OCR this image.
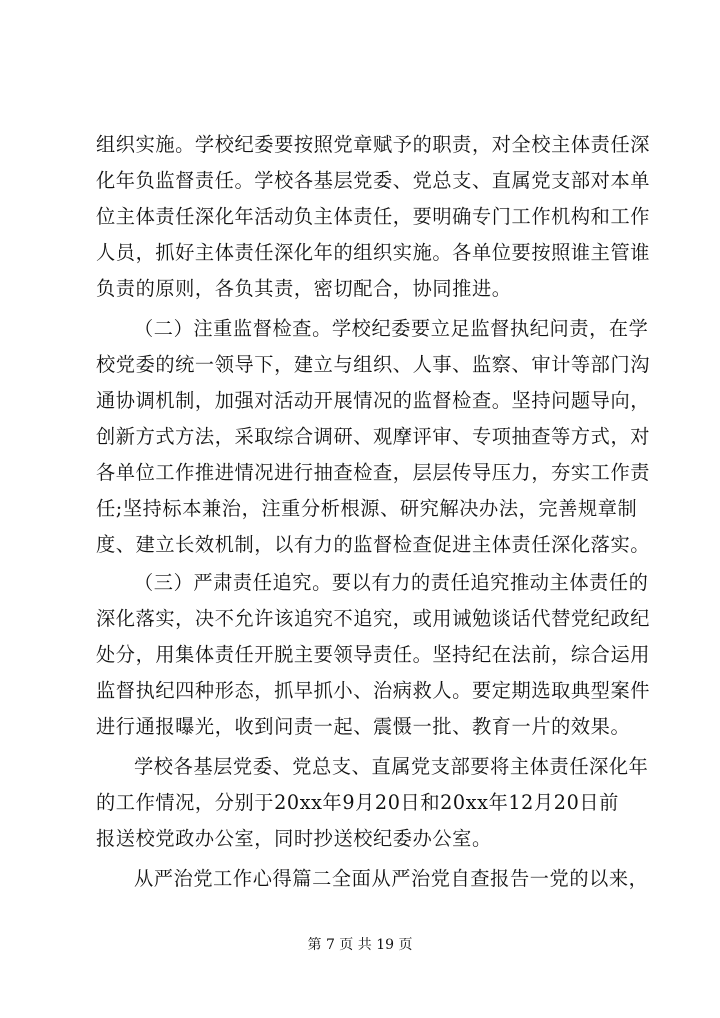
组织实施。学校纪委要按照党章赋予的职责，对全校主体责任深
化年负监督责任。学校各基层党委、党总支、直属党支部对本单
位主体责任深化年活动负主体责任，要明确专门工作机构和工作
人员，抓好主体责任深化年的组织实施。各单位要按照谁主管谁
负责的原则，各负其责，密切配合，协同推进。
（二）注重监督检查。学校纪委要立足监督执纪问责，在学
校党委的统一领导下，建立与组织、人事、监察、审计等部门沟
通协调机制，加强对活动开展情况的监督检查。坚持问题导向，
创新方式方法，采取综合调研、观摩评审、专项抽查等方式，对
各单位工作推进情况进行抽查检查，层层传导压力，夯实工作责
任;坚持标本兼治，注重分析根源、研究解决办法，完善规章制
度、建立长效机制，以有力的监督检查促进主体责任深化落实。
（三）严肃责任追究。要以有力的责任追究推动主体责任的
深化落实，决不允许该追究不追究，或用诫勉谈话代替党纪政纪
处分，用集体责任开脱主要领导责任。坚持纪在法前，综合运用
监督执纪四种形态，抓早抓小、治病救人。要定期选取典型案件
进行通报曝光，收到问责一起、震慑一批、教育一片的效果。
学校各基层党委、党总支、直属党支部要将主体责任深化年
的工作情况，分别于20xx年9月20日和20xx年12月20日前
报送校党政办公室，同时抄送校纪委办公室。
从严治党工作心得篇二全面从严治党自查报告一党的以来，
第 7 页 共 19 页
